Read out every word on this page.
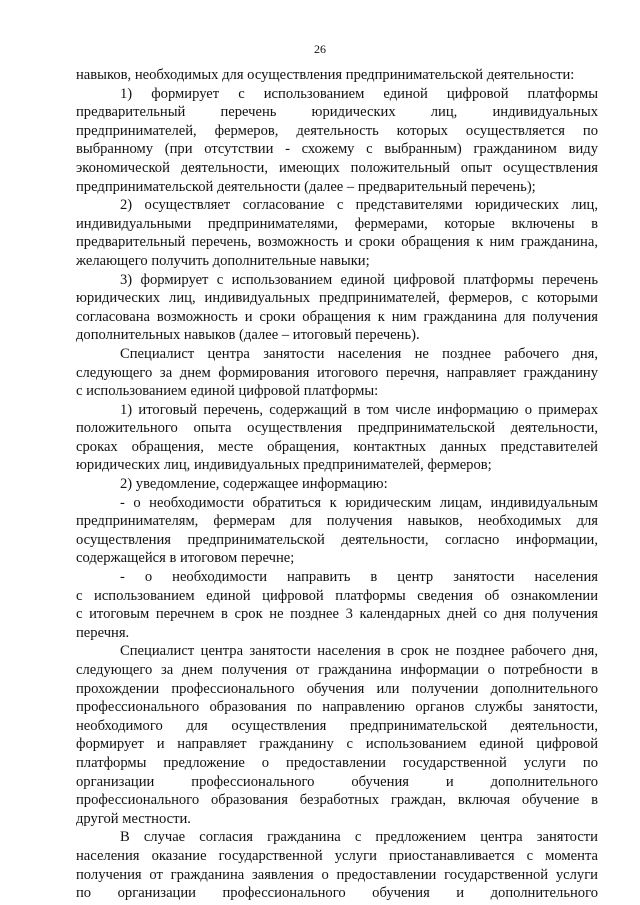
26
навыков, необходимых для осуществления предпринимательской деятельности:
1) формирует с использованием единой цифровой платформы
предварительный перечень юридических лиц, индивидуальных
предпринимателей, фермеров, деятельность которых осуществляется по
выбранному (при отсутствии - схожему с выбранным) гражданином виду
экономической деятельности, имеющих положительный опыт осуществления
предпринимательской деятельности (далее – предварительный перечень);
2) осуществляет согласование с представителями юридических лиц,
индивидуальными предпринимателями, фермерами, которые включены в
предварительный перечень, возможность и сроки обращения к ним гражданина,
желающего получить дополнительные навыки;
3) формирует с использованием единой цифровой платформы перечень
юридических лиц, индивидуальных предпринимателей, фермеров, с которыми
согласована возможность и сроки обращения к ним гражданина для получения
дополнительных навыков (далее – итоговый перечень).
Специалист центра занятости населения не позднее рабочего дня,
следующего за днем формирования итогового перечня, направляет гражданину
с использованием единой цифровой платформы:
1) итоговый перечень, содержащий в том числе информацию о примерах
положительного опыта осуществления предпринимательской деятельности,
сроках обращения, месте обращения, контактных данных представителей
юридических лиц, индивидуальных предпринимателей, фермеров;
2) уведомление, содержащее информацию:
- о необходимости обратиться к юридическим лицам, индивидуальным
предпринимателям, фермерам для получения навыков, необходимых для
осуществления предпринимательской деятельности, согласно информации,
содержащейся в итоговом перечне;
- о необходимости направить в центр занятости населения
с использованием единой цифровой платформы сведения об ознакомлении
с итоговым перечнем в срок не позднее 3 календарных дней со дня получения
перечня.
Специалист центра занятости населения в срок не позднее рабочего дня,
следующего за днем получения от гражданина информации о потребности в
прохождении профессионального обучения или получении дополнительного
профессионального образования по направлению органов службы занятости,
необходимого для осуществления предпринимательской деятельности,
формирует и направляет гражданину с использованием единой цифровой
платформы предложение о предоставлении государственной услуги по
организации профессионального обучения и дополнительного
профессионального образования безработных граждан, включая обучение в
другой местности.
В случае согласия гражданина с предложением центра занятости
населения оказание государственной услуги приостанавливается с момента
получения от гражданина заявления о предоставлении государственной услуги
по организации профессионального обучения и дополнительного
